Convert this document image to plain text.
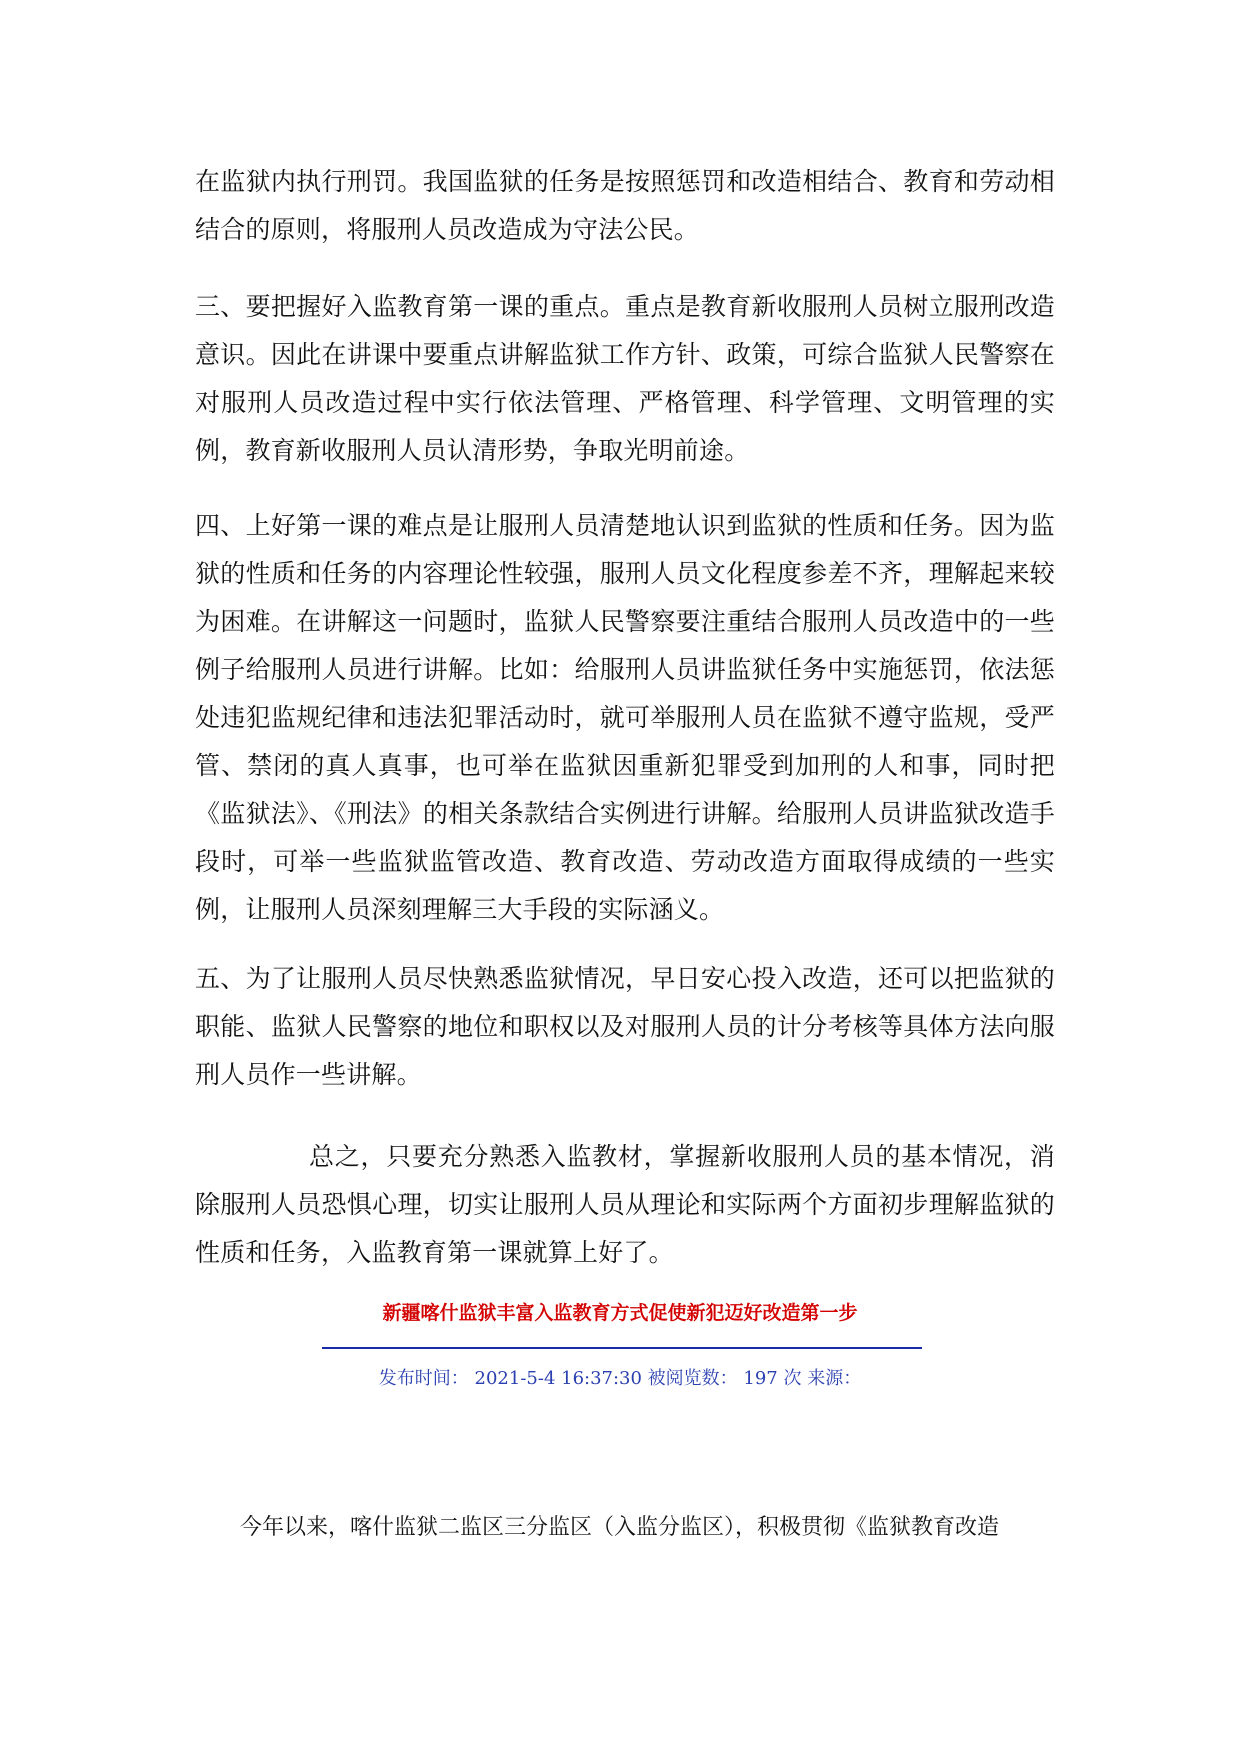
在监狱内执行刑罚。我国监狱的任务是按照惩罚和改造相结合、教育和劳动相结合的原则，将服刑人员改造成为守法公民。

三、要把握好入监教育第一课的重点。重点是教育新收服刑人员树立服刑改造意识。因此在讲课中要重点讲解监狱工作方针、政策，可综合监狱人民警察在对服刑人员改造过程中实行依法管理、严格管理、科学管理、文明管理的实例，教育新收服刑人员认清形势，争取光明前途。

四、上好第一课的难点是让服刑人员清楚地认识到监狱的性质和任务。因为监狱的性质和任务的内容理论性较强，服刑人员文化程度参差不齐，理解起来较为困难。在讲解这一问题时，监狱人民警察要注重结合服刑人员改造中的一些例子给服刑人员进行讲解。比如：给服刑人员讲监狱任务中实施惩罚，依法惩处违犯监规纪律和违法犯罪活动时，就可举服刑人员在监狱不遵守监规，受严管、禁闭的真人真事，也可举在监狱因重新犯罪受到加刑的人和事，同时把《监狱法》、《刑法》的相关条款结合实例进行讲解。给服刑人员讲监狱改造手段时，可举一些监狱监管改造、教育改造、劳动改造方面取得成绩的一些实例，让服刑人员深刻理解三大手段的实际涵义。

五、为了让服刑人员尽快熟悉监狱情况，早日安心投入改造，还可以把监狱的职能、监狱人民警察的地位和职权以及对服刑人员的计分考核等具体方法向服刑人员作一些讲解。

总之，只要充分熟悉入监教材，掌握新收服刑人员的基本情况，消除服刑人员恐惧心理，切实让服刑人员从理论和实际两个方面初步理解监狱的性质和任务，入监教育第一课就算上好了。

新疆喀什监狱丰富入监教育方式促使新犯迈好改造第一步
发布时间： 2021-5-4 16:37:30 被阅览数： 197 次 来源：
今年以来，喀什监狱二监区三分监区（入监分监区），积极贯彻《监狱教育改造
